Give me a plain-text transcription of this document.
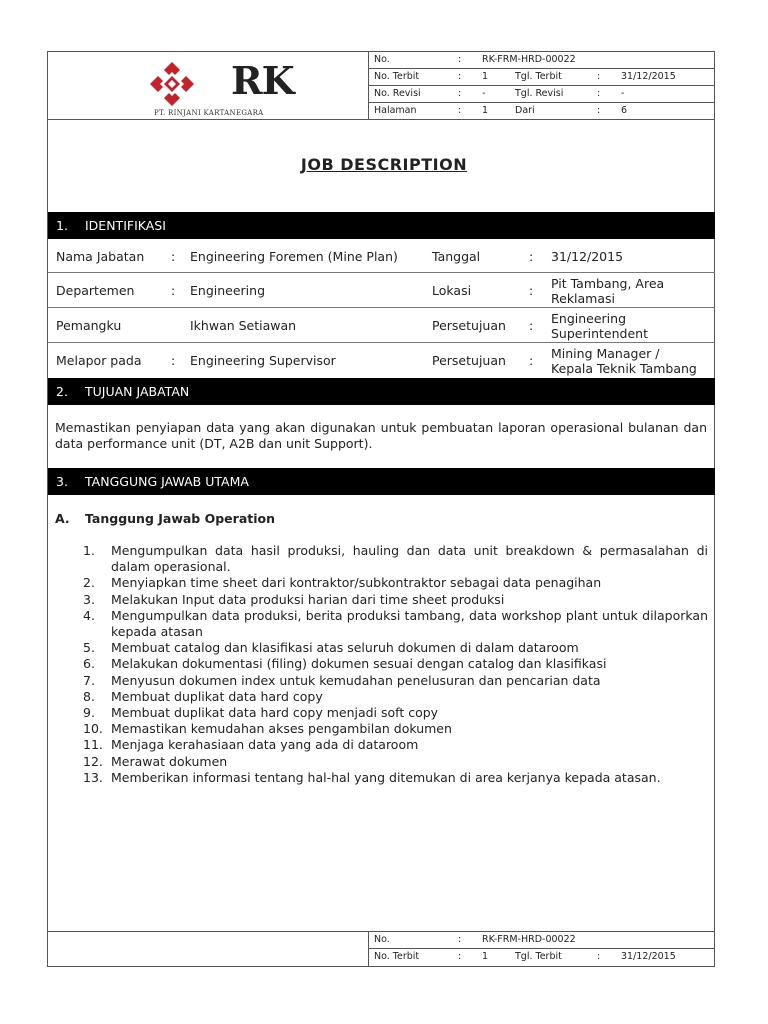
RK
PT. RINJANI KARTANEGARA
No.	: RK-FRM-HRD-00022
No. Terbit	: 1	Tgl. Terbit	: 31/12/2015
No. Revisi	: -	Tgl. Revisi	: -
Halaman	: 1	Dari	: 6
JOB DESCRIPTION
1. IDENTIFIKASI
Nama Jabatan : Engineering Foremen (Mine Plan)	Tanggal	: 31/12/2015
Departemen	: Engineering	Lokasi	: Pit Tambang, Area
Reklamasi
Pemangku	Ikhwan Setiawan	Persetujuan : Engineering
Superintendent
Melapor pada : Engineering Supervisor	Persetujuan : Mining Manager /
Kepala Teknik Tambang
2. TUJUAN JABATAN
Memastikan penyiapan data yang akan digunakan untuk pembuatan laporan operasional bulanan dan data performance unit (DT, A2B dan unit Support).
3. TANGGUNG JAWAB UTAMA
A. Tanggung Jawab Operation
1. Mengumpulkan data hasil produksi, hauling dan data unit breakdown & permasalahan di dalam operasional.
2. Menyiapkan time sheet dari kontraktor/subkontraktor sebagai data penagihan
3. Melakukan Input data produksi harian dari time sheet produksi
4. Mengumpulkan data produksi, berita produksi tambang, data workshop plant untuk dilaporkan kepada atasan
5. Membuat catalog dan klasifikasi atas seluruh dokumen di dalam dataroom
6. Melakukan dokumentasi (filing) dokumen sesuai dengan catalog dan klasifikasi
7. Menyusun dokumen index untuk kemudahan penelusuran dan pencarian data
8. Membuat duplikat data hard copy
9. Membuat duplikat data hard copy menjadi soft copy
10. Memastikan kemudahan akses pengambilan dokumen
11. Menjaga kerahasiaan data yang ada di dataroom
12. Merawat dokumen
13. Memberikan informasi tentang hal-hal yang ditemukan di area kerjanya kepada atasan.
No.	: RK-FRM-HRD-00022
No. Terbit	: 1	Tgl. Terbit	: 31/12/2015
